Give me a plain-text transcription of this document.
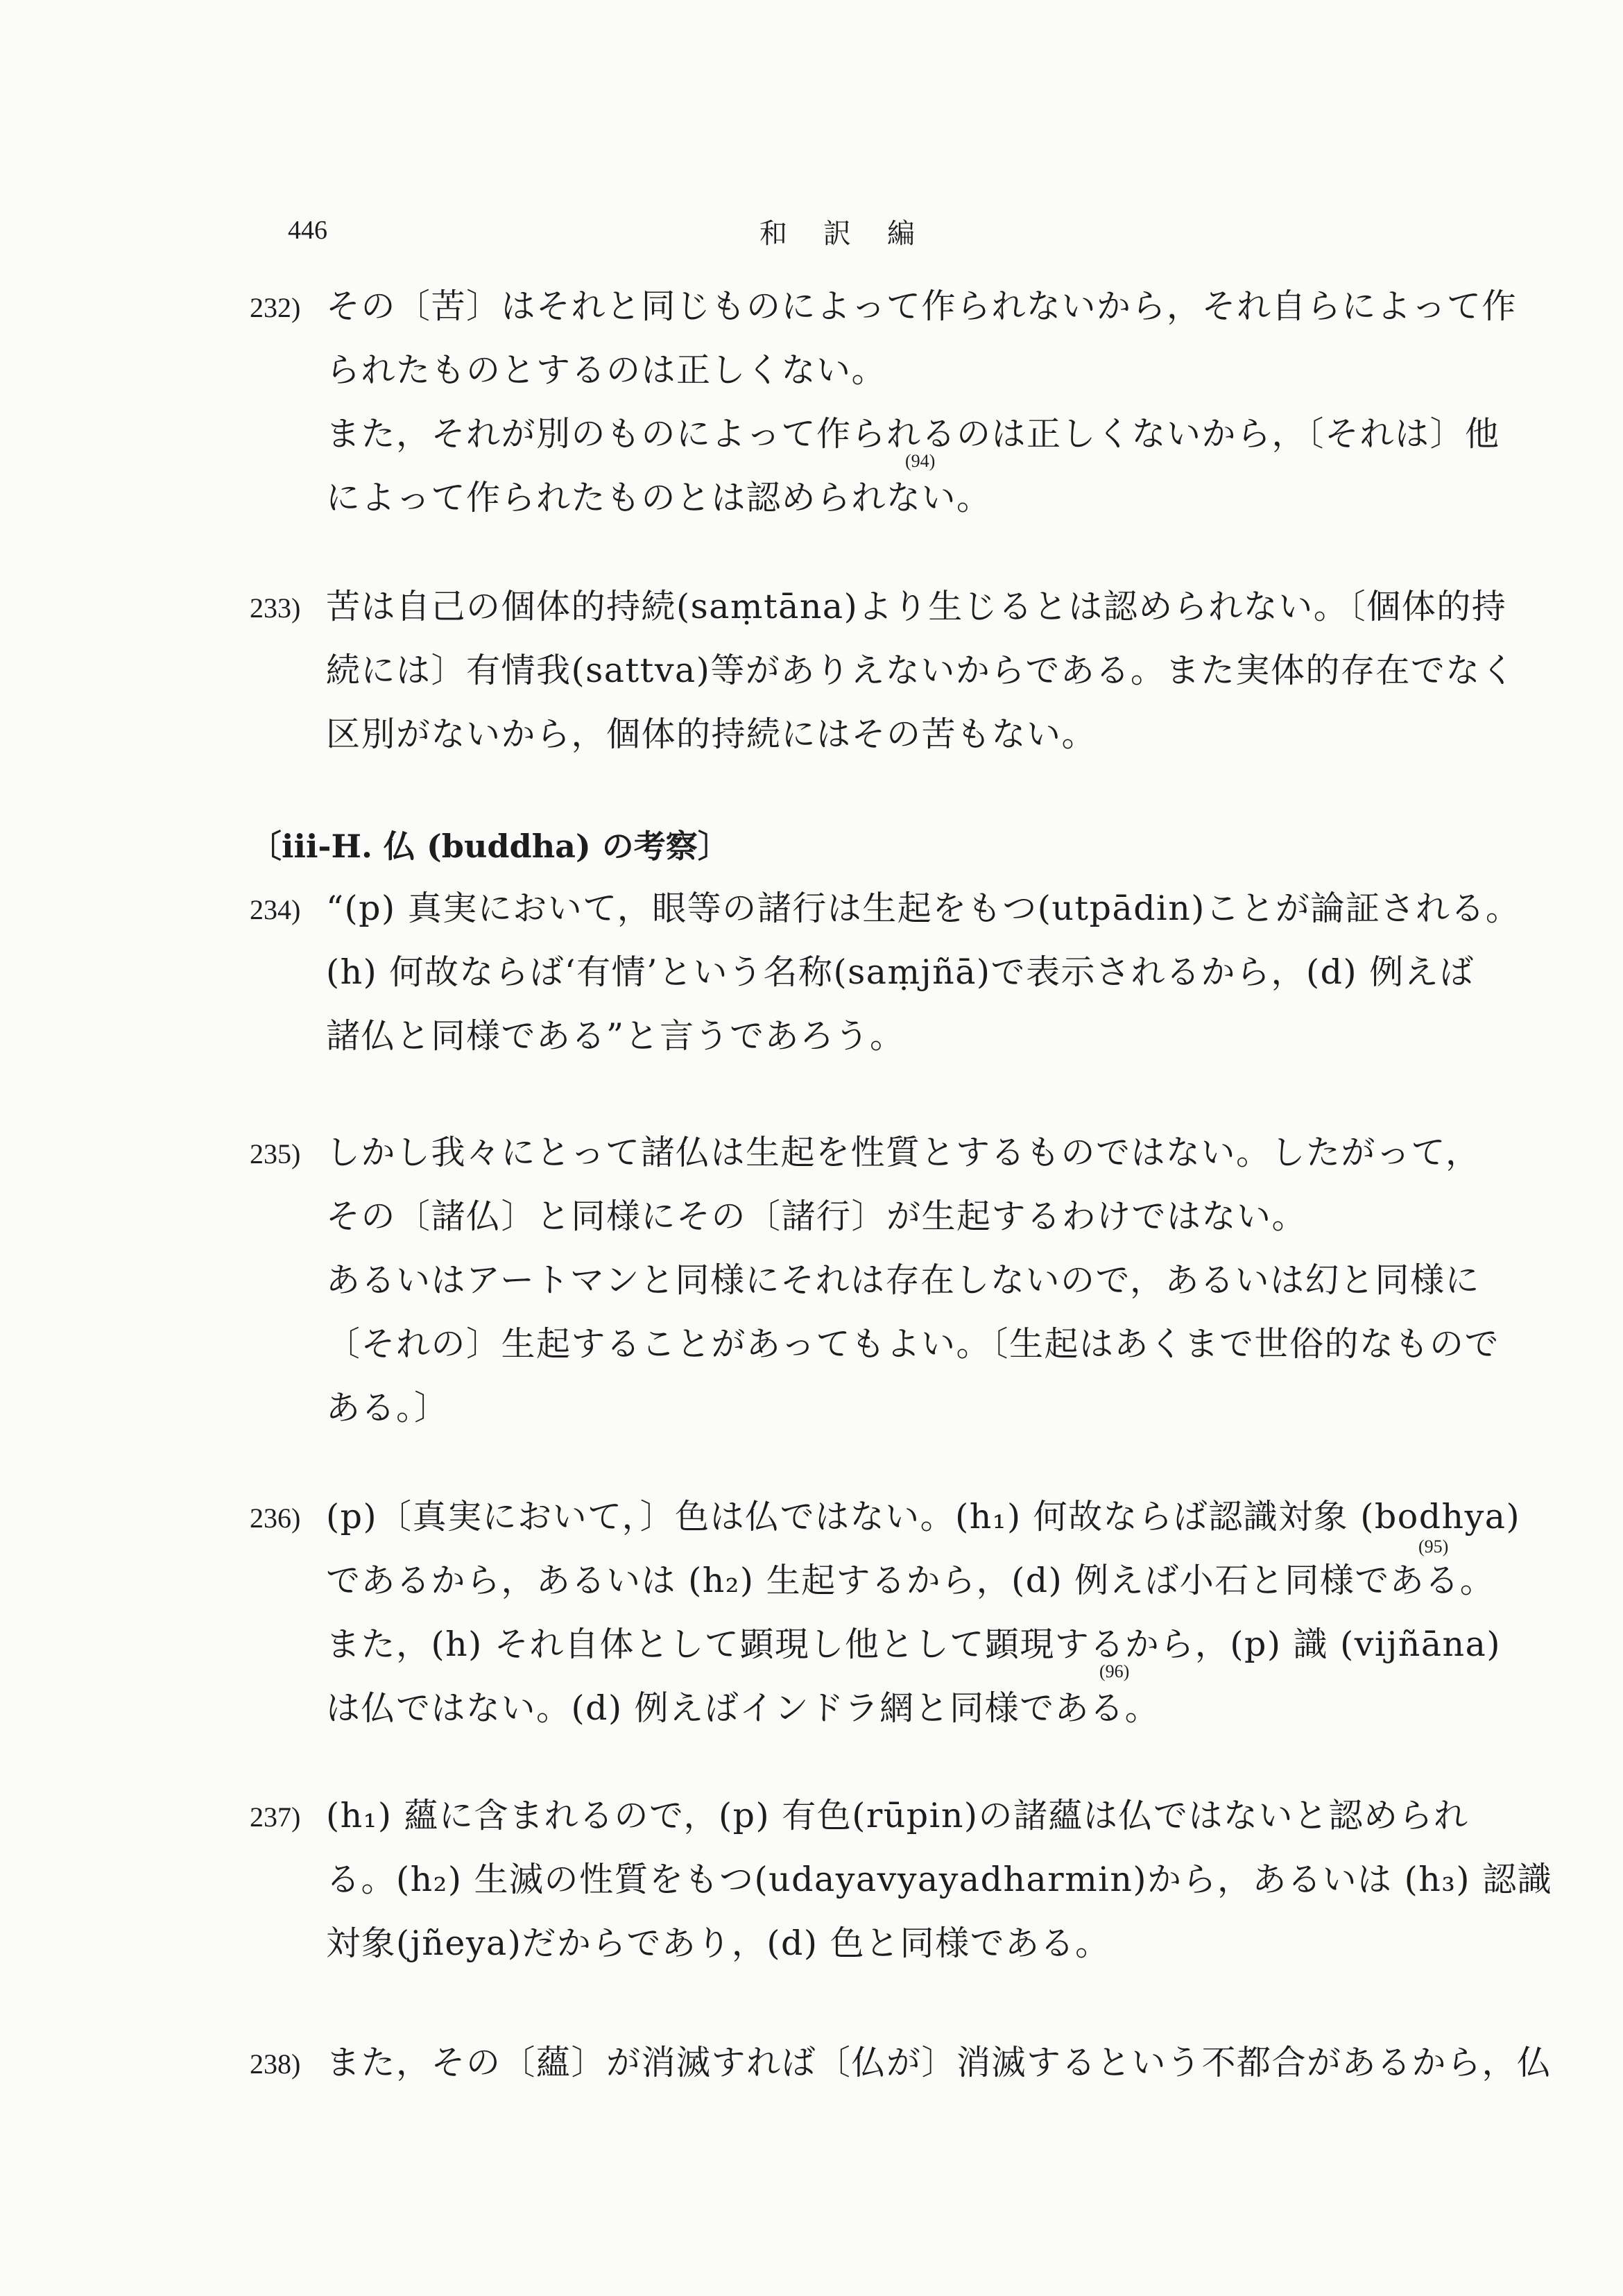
446	和訳編
232) その〔苦〕はそれと同じものによって作られないから，それ自らによって作
られたものとするのは正しくない。
また，それが別のものによって作られるのは正しくないから，〔それは〕他
(94)
によって作られたものとは認められない。
233) 苦は自己の個体的持続(saṃtāna)より生じるとは認められない。〔個体的持
続には〕有情我(sattva)等がありえないからである。また実体的存在でなく
区別がないから，個体的持続にはその苦もない。
〔iii-H. 仏 (buddha) の考察〕
234) “(p) 真実において，眼等の諸行は生起をもつ(utpādin)ことが論証される。
(h) 何故ならば‘有情’という名称(saṃjñā)で表示されるから，(d) 例えば
諸仏と同様である”と言うであろう。
235) しかし我々にとって諸仏は生起を性質とするものではない。したがって，
その〔諸仏〕と同様にその〔諸行〕が生起するわけではない。
あるいはアートマンと同様にそれは存在しないので，あるいは幻と同様に
〔それの〕生起することがあってもよい。〔生起はあくまで世俗的なもので
ある。〕
236) (p)〔真実において，〕色は仏ではない。(h₁) 何故ならば認識対象 (bodhya)
(95)
であるから，あるいは (h₂) 生起するから，(d) 例えば小石と同様である。
また，(h) それ自体として顕現し他として顕現するから，(p) 識 (vijñāna)
(96)
は仏ではない。(d) 例えばインドラ網と同様である。
237) (h₁) 蘊に含まれるので，(p) 有色(rūpin)の諸蘊は仏ではないと認められ
る。(h₂) 生滅の性質をもつ(udayavyayadharmin)から，あるいは (h₃) 認識
対象(jñeya)だからであり，(d) 色と同様である。
238) また，その〔蘊〕が消滅すれば〔仏が〕消滅するという不都合があるから，仏
